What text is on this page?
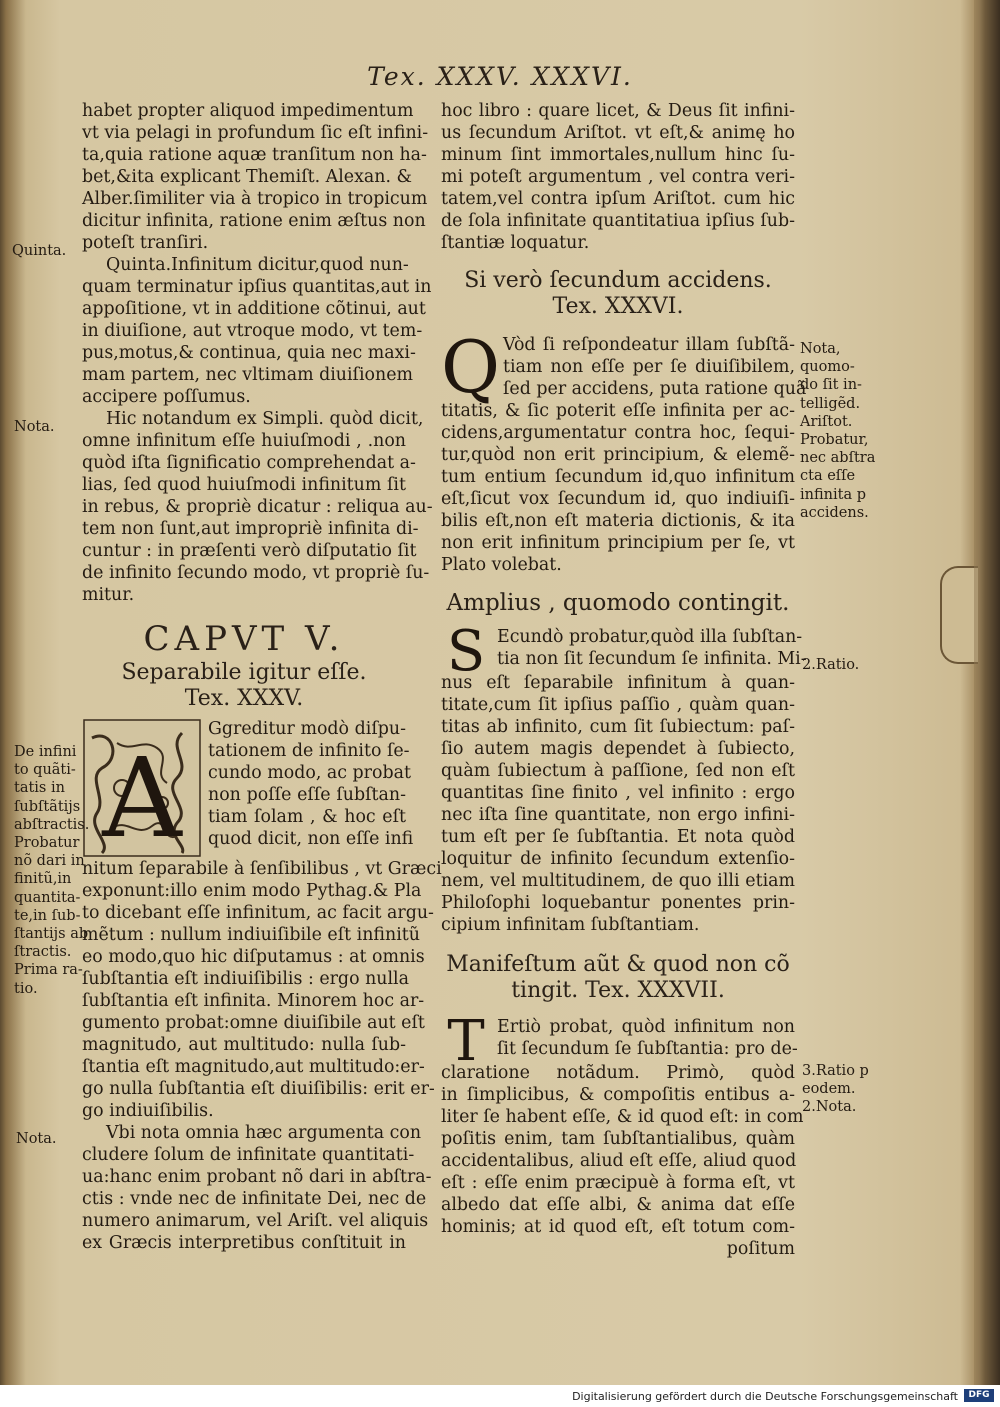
Tex. XXXV. XXXVI.

habet propter aliquod impedimentum
vt via pelagi in profundum ſic eſt infini-
ta,quia ratione aquæ tranſitum non ha-
bet,&ita explicant Themiſt. Alexan. &
Alber.ſimiliter via à tropico in tropicum
dicitur infinita, ratione enim æſtus non
poteſt tranſiri.

Quinta.Infinitum dicitur,quod nun-
quam terminatur ipſius quantitas,aut in
appoſitione, vt in additione cõtinui, aut
in diuiſione, aut vtroque modo, vt tem-
pus,motus,& continua, quia nec maxi-
mam partem, nec vltimam diuiſionem
accipere poſſumus.

Hic notandum ex Simpli. quòd dicit,
omne infinitum eſſe huiuſmodi , .non
quòd iſta ſignificatio comprehendat a-
lias, ſed quod huiuſmodi infinitum ſit
in rebus, & propriè dicatur : reliqua au-
tem non ſunt,aut impropriè infinita di-
cuntur : in præſenti verò diſputatio ſit
de infinito ſecundo modo, vt propriè ſu-
mitur.

CAPVT V.
Separabile igitur eſſe.
Tex. XXXV.
A

Ggreditur modò diſpu-
tationem de infinito ſe-
cundo modo, ac probat
non poſſe eſſe ſubſtan-
tiam ſolam , & hoc eſt
quod dicit, non eſſe infi

nitum ſeparabile à ſenſibilibus , vt Græci
exponunt:illo enim modo Pythag.& Pla
to dicebant eſſe infinitum, ac facit argu-
mẽtum : nullum indiuiſibile eſt infinitũ
eo modo,quo hic diſputamus : at omnis
ſubſtantia eſt indiuiſibilis : ergo nulla
ſubſtantia eſt infinita. Minorem hoc ar-
gumento probat:omne diuiſibile aut eſt
magnitudo, aut multitudo: nulla ſub-
ſtantia eſt magnitudo,aut multitudo:er-
go nulla ſubſtantia eſt diuiſibilis: erit er-
go indiuiſibilis.

Vbi nota omnia hæc argumenta con
cludere ſolum de infinitate quantitati-
ua:hanc enim probant nõ dari in abſtra-
ctis : vnde nec de infinitate Dei, nec de
numero animarum, vel Ariſt. vel aliquis
ex Græcis interpretibus conſtituit in

hoc libro : quare licet, & Deus ſit infini-
us ſecundum Ariſtot. vt eſt,& animę ho
minum ſint immortales,nullum hinc ſu-
mi poteſt argumentum , vel contra veri-
tatem,vel contra ipſum Ariſtot. cum hic
de ſola infinitate quantitatiua ipſius ſub-
ſtantiæ loquatur.

Si verò ſecundum accidens.
Tex. XXXVI.
Q Vòd ſi reſpondeatur illam ſubſtã-
tiam non eſſe per ſe diuiſibilem,
ſed per accidens, puta ratione quã

titatis, & ſic poterit eſſe infinita per ac-
cidens,argumentatur contra hoc, ſequi-
tur,quòd non erit principium, & elemẽ-
tum entium ſecundum id,quo infinitum
eſt,ſicut vox ſecundum id, quo indiuiſi-
bilis eſt,non eſt materia dictionis, & ita
non erit infinitum principium per ſe, vt
Plato volebat.

Amplius , quomodo contingit.
S Ecundò probatur,quòd illa ſubſtan-
tia non ſit ſecundum ſe infinita. Mi-

nus eſt ſeparabile infinitum à quan-
titate,cum ſit ipſius paſſio , quàm quan-
titas ab infinito, cum ſit ſubiectum: paſ-
ſio autem magis dependet à ſubiecto,
quàm ſubiectum à paſſione, ſed non eſt
quantitas ſine finito , vel infinito : ergo
nec iſta ſine quantitate, non ergo infini-
tum eſt per ſe ſubſtantia. Et nota quòd
loquitur de infinito ſecundum extenſio-
nem, vel multitudinem, de quo illi etiam
Philoſophi loquebantur ponentes prin-
cipium infinitam ſubſtantiam.

Manifeſtum aũt & quod non cõ
tingit. Tex. XXXVII.
T Ertiò probat, quòd infinitum non
ſit ſecundum ſe ſubſtantia: pro de-

claratione notãdum. Primò, quòd
in ſimplicibus, & compoſitis entibus a-
liter ſe habent eſſe, & id quod eſt: in com
poſitis enim, tam ſubſtantialibus, quàm
accidentalibus, aliud eſt eſſe, aliud quod
eſt : eſſe enim præcipuè à forma eſt, vt
albedo dat eſſe albi, & anima dat eſſe
hominis; at id quod eſt, eſt totum com-

poſitum
Quinta.
Nota.
De infini
to quãti-
tatis in
ſubſtãtijs
abſtractis.
Probatur
nõ dari in
finitũ,in
quantita-
te,in ſub-
ſtantijs ab
ſtractis.
Prima ra-
tio.
Nota.
Nota,
quomo-
do ſit in-
telligẽd.
Ariſtot.
Probatur,
nec abſtra
cta eſſe
infinita p
accidens.
2.Ratio.
3.Ratio p
eodem.
2.Nota.
Digitalisierung gefördert durch die Deutsche Forschungsgemeinschaft	DFG
